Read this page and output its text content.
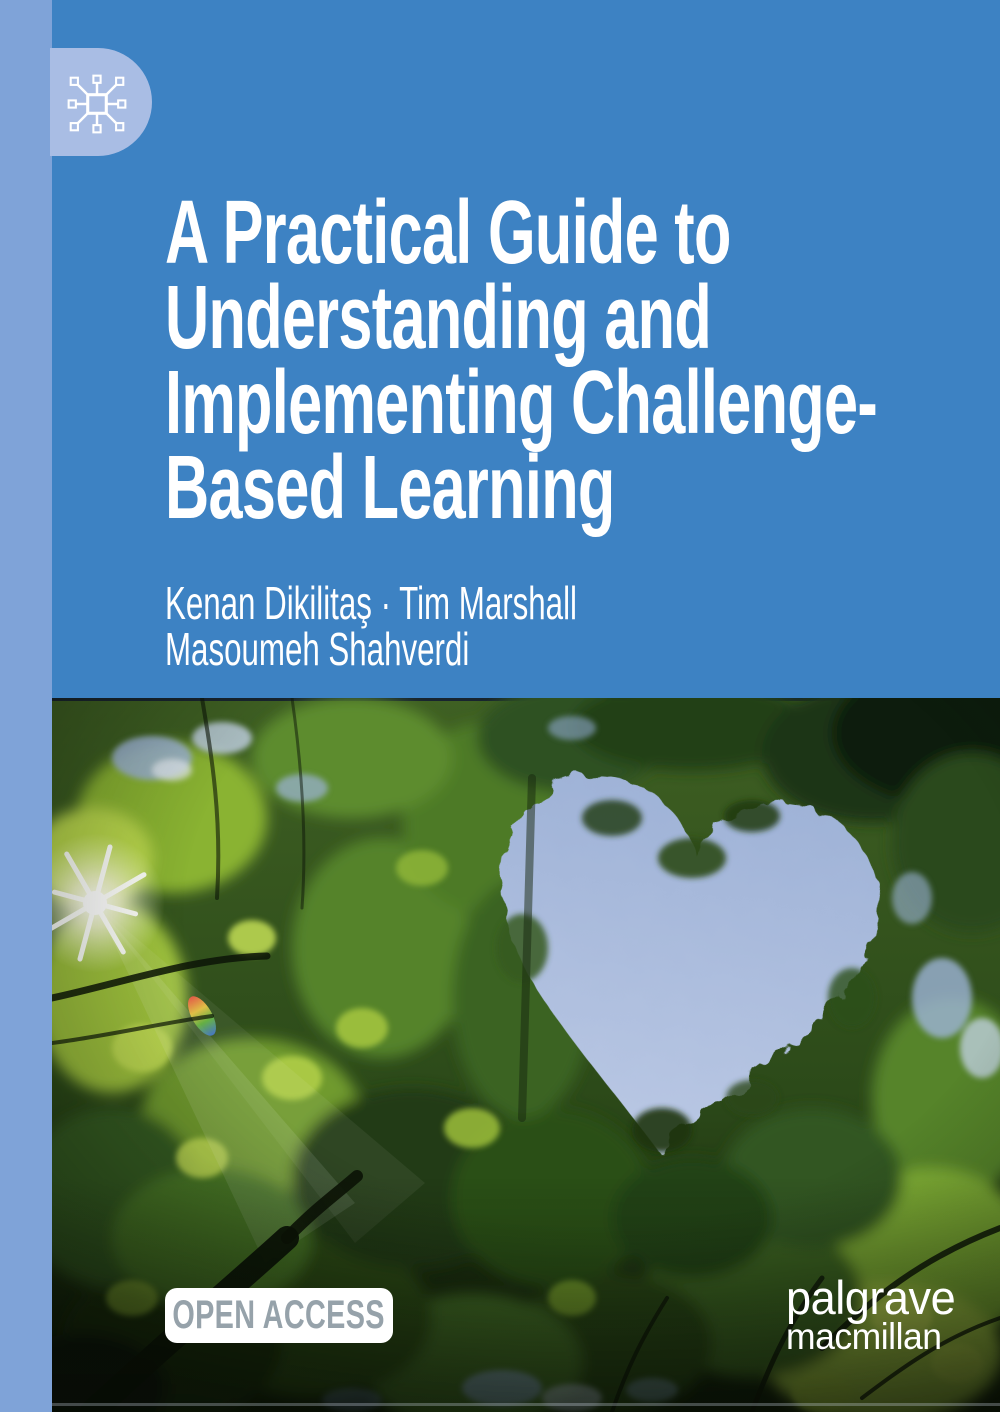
A Practical Guide to
Understanding and
Implementing Challenge-
Based Learning
Kenan Dikilitaş · Tim Marshall
Masoumeh Shahverdi
OPEN ACCESS	palgrave
macmillan
